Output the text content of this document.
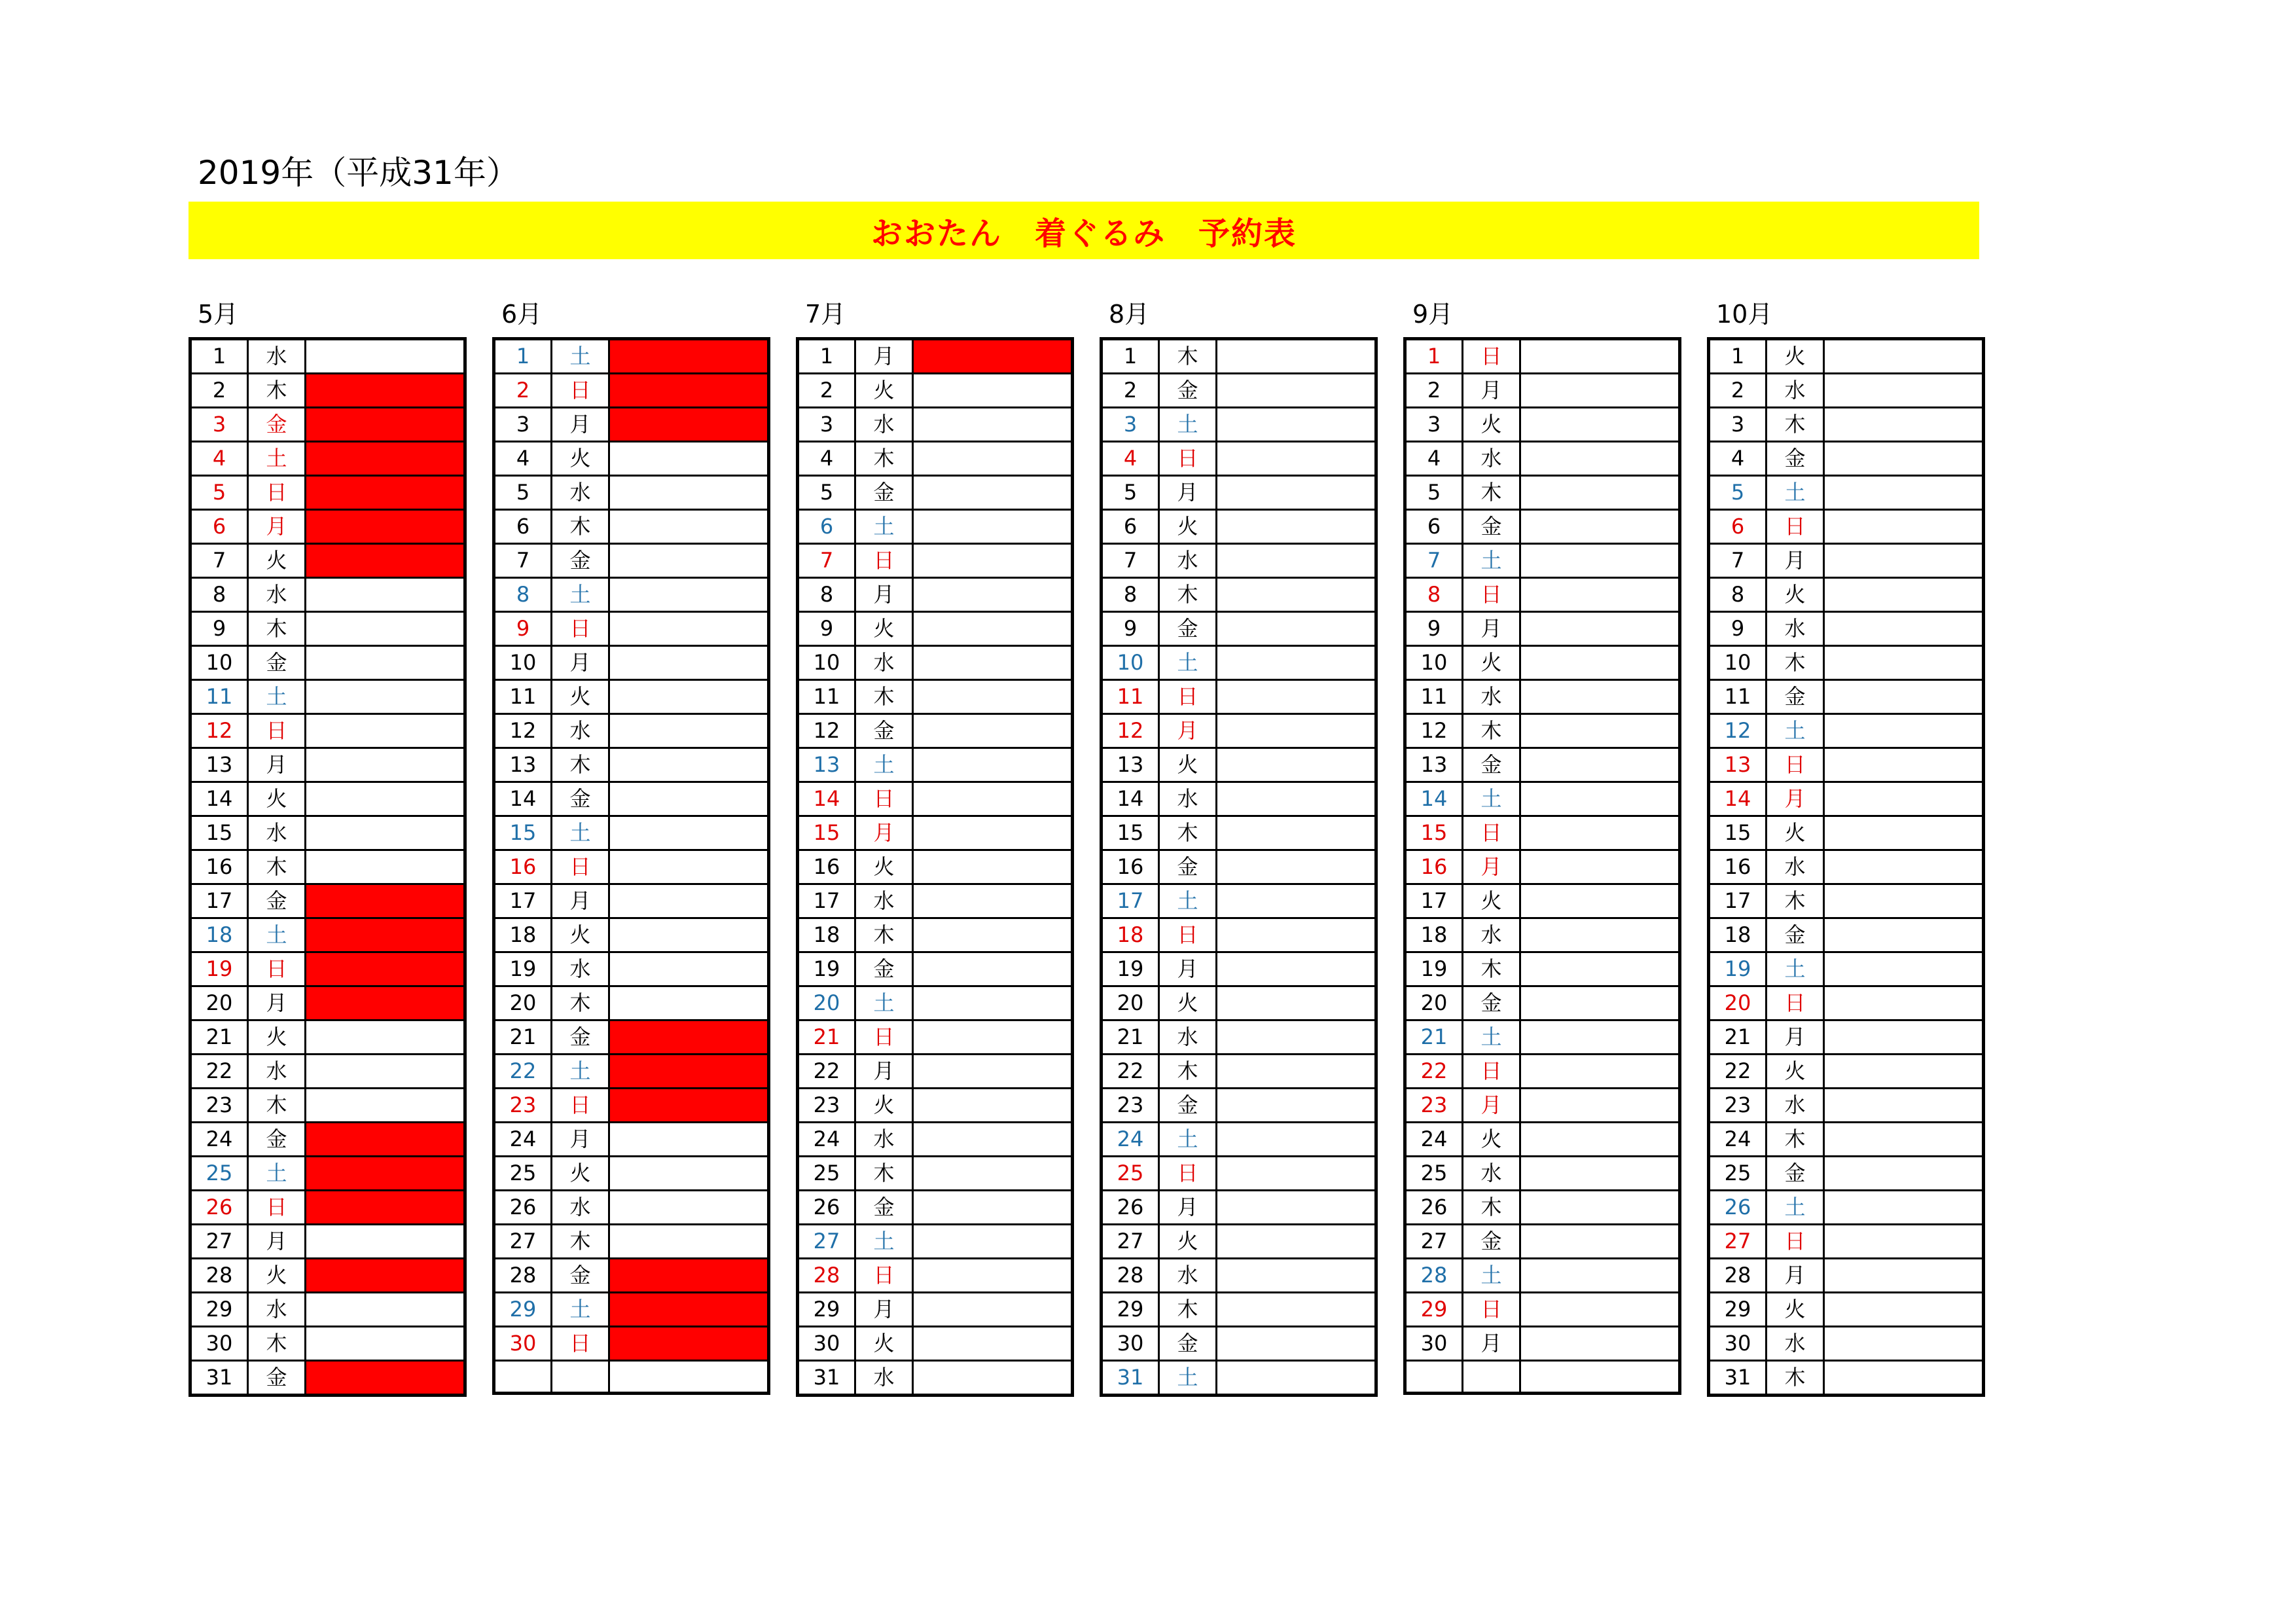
2019年（平成31年）
おおたん　着ぐるみ　予約表
5月
1	水	
2	木	
3	金	
4	土	
5	日	
6	月	
7	火	
8	水	
9	木	
10	金	
11	土	
12	日	
13	月	
14	火	
15	水	
16	木	
17	金	
18	土	
19	日	
20	月	
21	火	
22	水	
23	木	
24	金	
25	土	
26	日	
27	月	
28	火	
29	水	
30	木	
31	金	
6月
1	土	
2	日	
3	月	
4	火	
5	水	
6	木	
7	金	
8	土	
9	日	
10	月	
11	火	
12	水	
13	木	
14	金	
15	土	
16	日	
17	月	
18	火	
19	水	
20	木	
21	金	
22	土	
23	日	
24	月	
25	火	
26	水	
27	木	
28	金	
29	土	
30	日	

7月
1	月	
2	火	
3	水	
4	木	
5	金	
6	土	
7	日	
8	月	
9	火	
10	水	
11	木	
12	金	
13	土	
14	日	
15	月	
16	火	
17	水	
18	木	
19	金	
20	土	
21	日	
22	月	
23	火	
24	水	
25	木	
26	金	
27	土	
28	日	
29	月	
30	火	
31	水	
8月
1	木	
2	金	
3	土	
4	日	
5	月	
6	火	
7	水	
8	木	
9	金	
10	土	
11	日	
12	月	
13	火	
14	水	
15	木	
16	金	
17	土	
18	日	
19	月	
20	火	
21	水	
22	木	
23	金	
24	土	
25	日	
26	月	
27	火	
28	水	
29	木	
30	金	
31	土	
9月
1	日	
2	月	
3	火	
4	水	
5	木	
6	金	
7	土	
8	日	
9	月	
10	火	
11	水	
12	木	
13	金	
14	土	
15	日	
16	月	
17	火	
18	水	
19	木	
20	金	
21	土	
22	日	
23	月	
24	火	
25	水	
26	木	
27	金	
28	土	
29	日	
30	月	

10月
1	火	
2	水	
3	木	
4	金	
5	土	
6	日	
7	月	
8	火	
9	水	
10	木	
11	金	
12	土	
13	日	
14	月	
15	火	
16	水	
17	木	
18	金	
19	土	
20	日	
21	月	
22	火	
23	水	
24	木	
25	金	
26	土	
27	日	
28	月	
29	火	
30	水	
31	木	
